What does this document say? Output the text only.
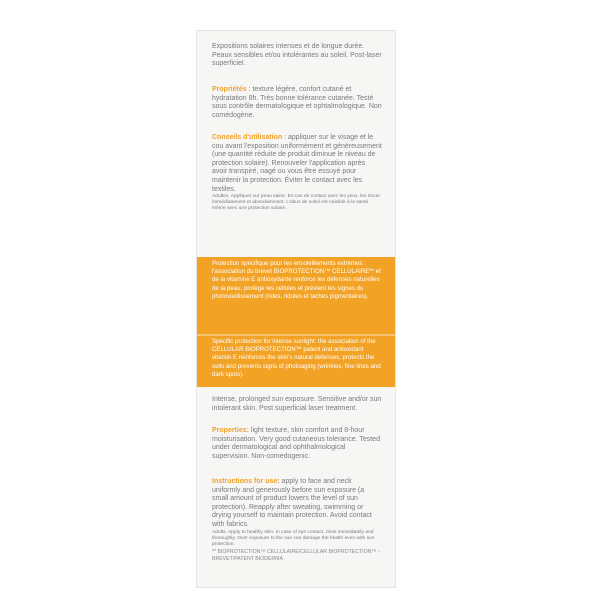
Expositions solaires intenses et de longue durée. Peaux sensibles et/ou intolérantes au soleil. Post-laser superficiel.

Propriétés : texture légère, confort cutané et hydratation 8h. Très bonne tolérance cutanée. Testé sous contrôle dermatologique et ophtalmologique. Non comédogène.

Conseils d'utilisation : appliquer sur le visage et le cou avant l'exposition uniformément et généreusement (une quantité réduite de produit diminue le niveau de protection solaire). Renouveler l'application après avoir transpiré, nagé ou vous être essuyé pour maintenir la protection. Éviter le contact avec les textiles.

Adultes. Appliquer sur peau saine. En cas de contact avec les yeux, les rincer immédiatement et abondamment. L'abus de soleil est nuisible à la santé même avec une protection solaire.

Protection spécifique pour les ensoleillements extrêmes : l'association du brevet BIOPROTECTION™ CELLULAIRE** et de la vitamine E antioxydante renforce les défenses naturelles de la peau, protège les cellules et prévient les signes du photovieillissement (rides, ridules et taches pigmentaires).
Specific protection for intense sunlight: the association of the CELLULAR BIOPROTECTION™ patent and antioxidant vitamin E reinforces the skin's natural defenses, protects the cells and prevents signs of photoaging (wrinkles, fine lines and dark spots).

Intense, prolonged sun exposure. Sensitive and/or sun intolerant skin. Post superficial laser treatment.

Properties: light texture, skin comfort and 8-hour moisturisation. Very good cutaneous tolerance. Tested under dermatological and ophthalmological supervision. Non-comedogenic.

Instructions for use: apply to face and neck uniformly and generously before sun exposure (a small amount of product lowers the level of sun protection). Reapply after sweating, swimming or drying yourself to maintain protection. Avoid contact with fabrics.

Adults. Apply to healthy skin. In case of eye contact, rinse immediately and thoroughly. Over exposure to the sun can damage the health even with sun protection.

** BIOPROTECTION™ CELLULAIRE/CELLULAR BIOPROTECTION™ - BREVET/PATENT BIODERMA
